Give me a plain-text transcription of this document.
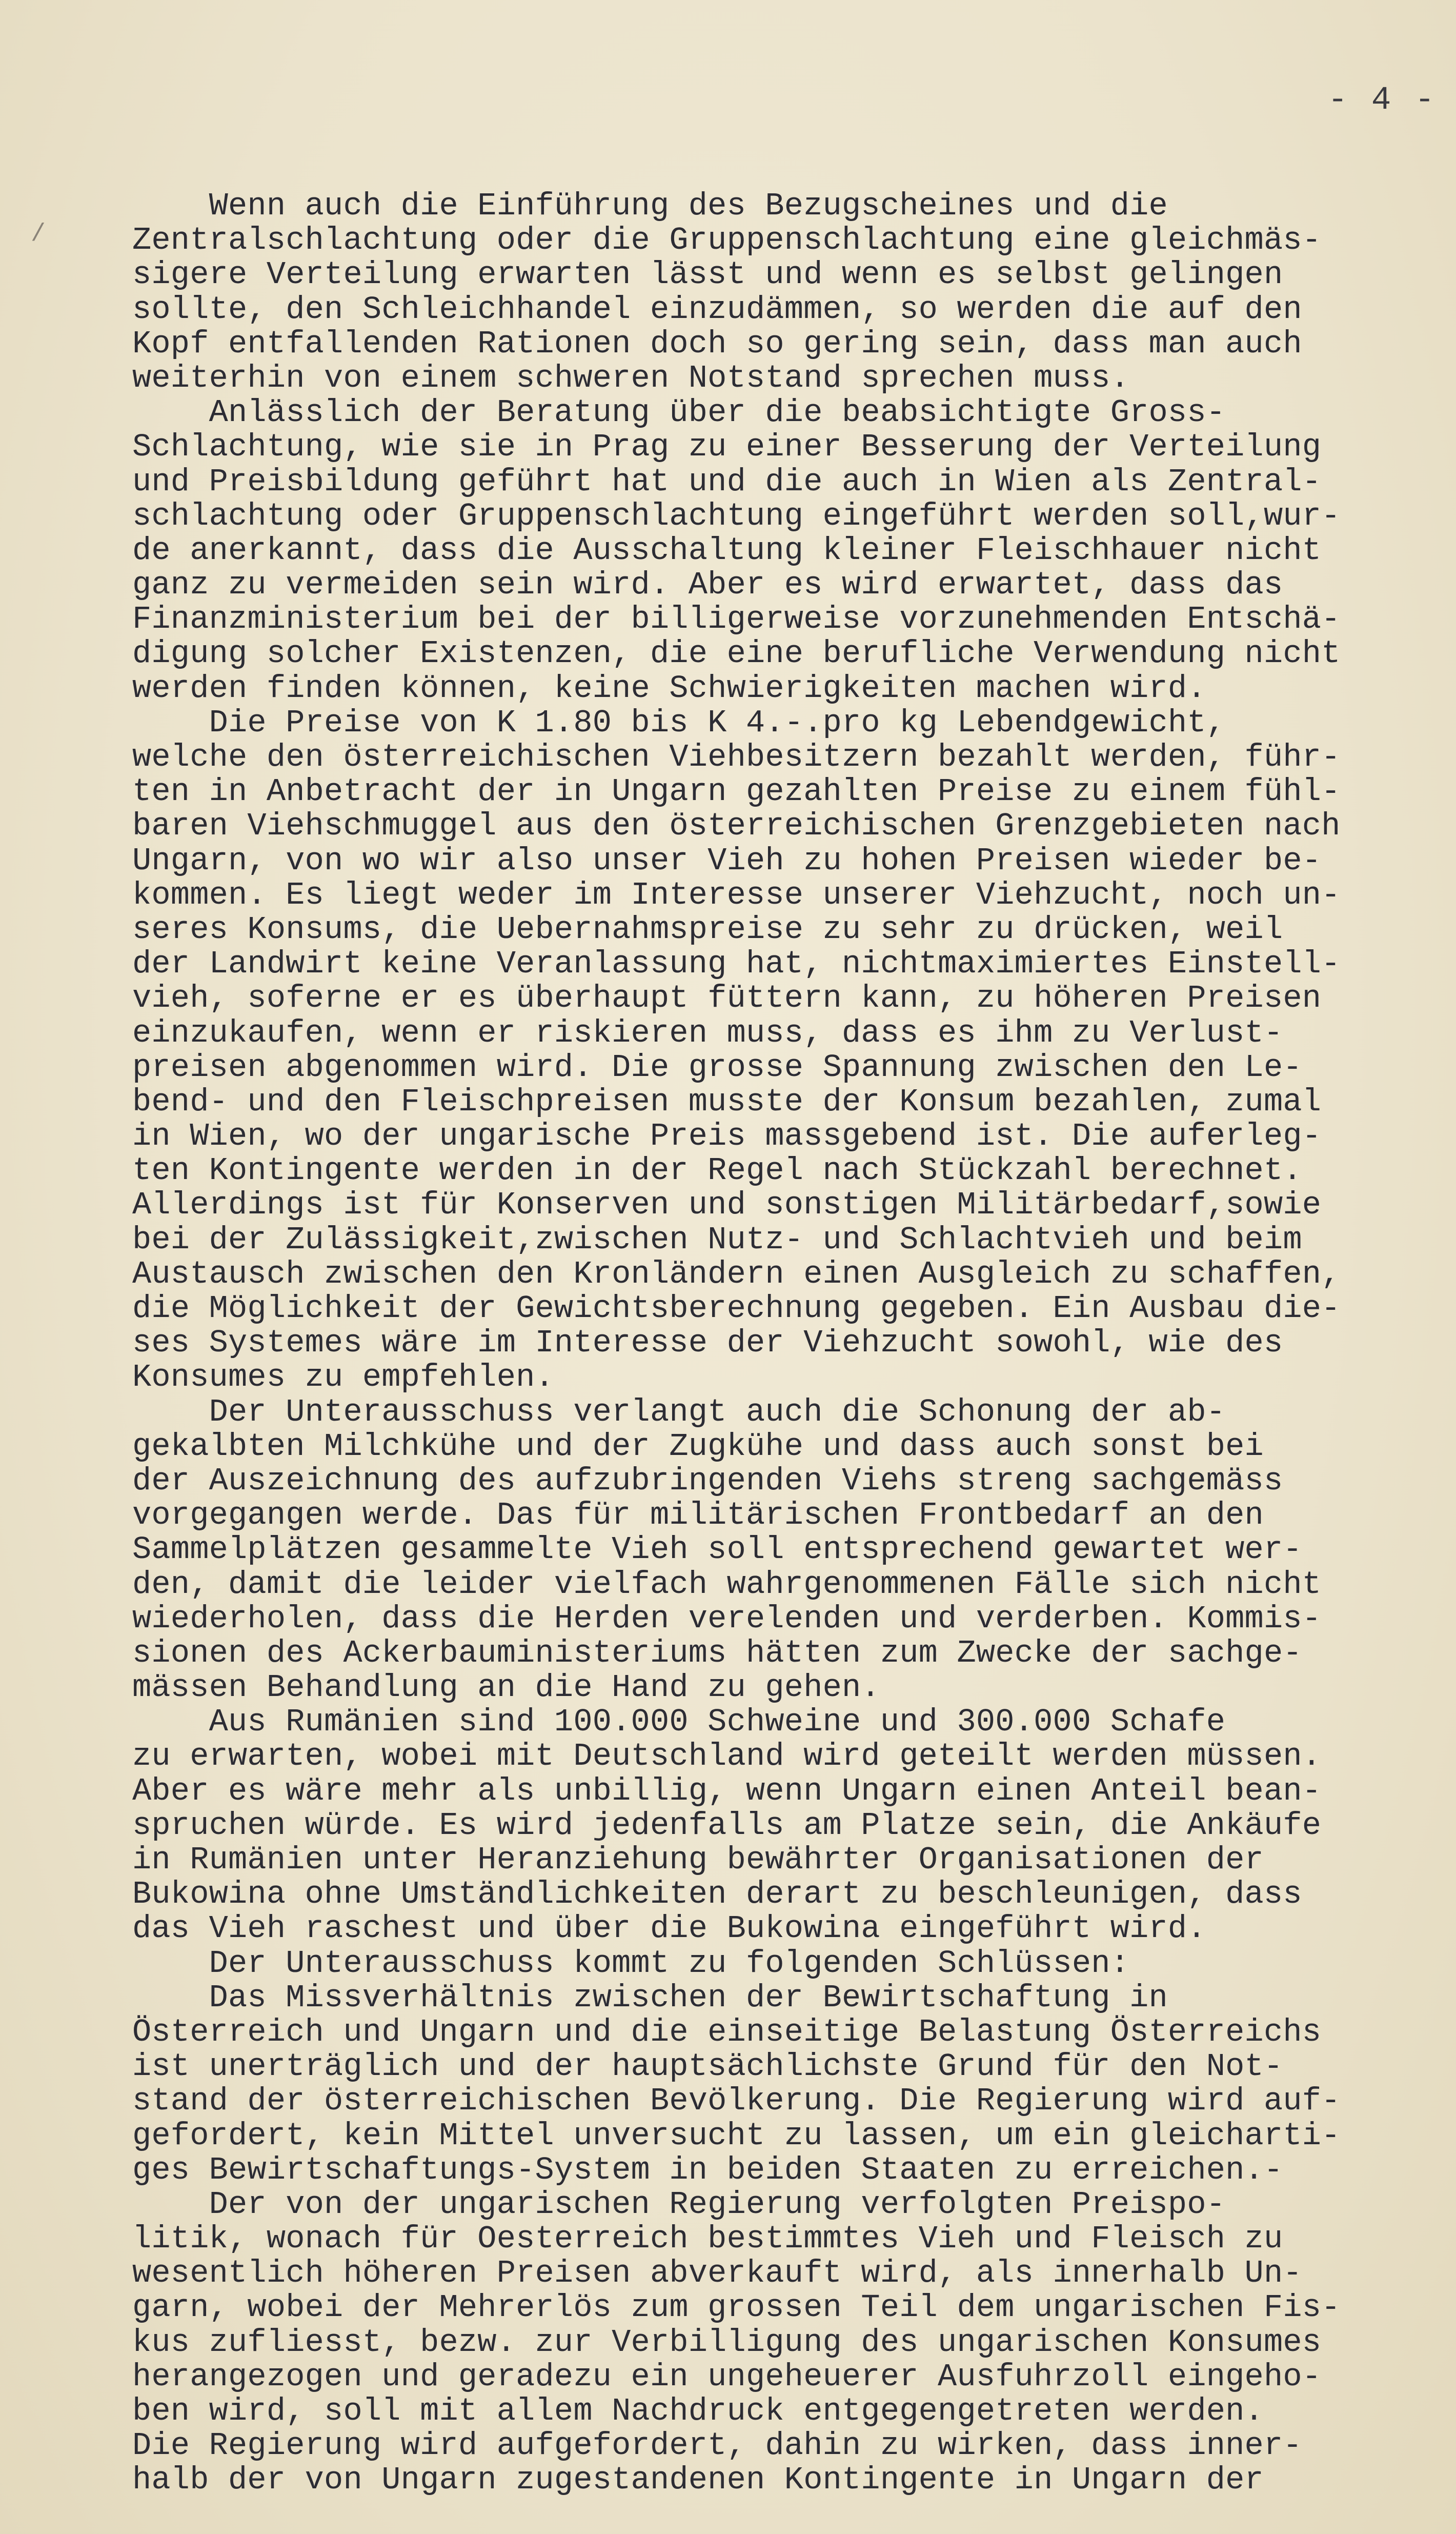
- 4 -
/
Wenn auch die Einführung des Bezugscheines und die
Zentralschlachtung oder die Gruppenschlachtung eine gleichmäs-
sigere Verteilung erwarten lässt und wenn es selbst gelingen
sollte, den Schleichhandel einzudämmen, so werden die auf den
Kopf entfallenden Rationen doch so gering sein, dass man auch
weiterhin von einem schweren Notstand sprechen muss.
Anlässlich der Beratung über die beabsichtigte Gross-
Schlachtung, wie sie in Prag zu einer Besserung der Verteilung
und Preisbildung geführt hat und die auch in Wien als Zentral-
schlachtung oder Gruppenschlachtung eingeführt werden soll,wur-
de anerkannt, dass die Ausschaltung kleiner Fleischhauer nicht
ganz zu vermeiden sein wird. Aber es wird erwartet, dass das
Finanzministerium bei der billigerweise vorzunehmenden Entschä-
digung solcher Existenzen, die eine berufliche Verwendung nicht
werden finden können, keine Schwierigkeiten machen wird.
Die Preise von K 1.80 bis K 4.-.pro kg Lebendgewicht,
welche den österreichischen Viehbesitzern bezahlt werden, führ-
ten in Anbetracht der in Ungarn gezahlten Preise zu einem fühl-
baren Viehschmuggel aus den österreichischen Grenzgebieten nach
Ungarn, von wo wir also unser Vieh zu hohen Preisen wieder be-
kommen. Es liegt weder im Interesse unserer Viehzucht, noch un-
seres Konsums, die Uebernahmspreise zu sehr zu drücken, weil
der Landwirt keine Veranlassung hat, nichtmaximiertes Einstell-
vieh, soferne er es überhaupt füttern kann, zu höheren Preisen
einzukaufen, wenn er riskieren muss, dass es ihm zu Verlust-
preisen abgenommen wird. Die grosse Spannung zwischen den Le-
bend- und den Fleischpreisen musste der Konsum bezahlen, zumal
in Wien, wo der ungarische Preis massgebend ist. Die auferleg-
ten Kontingente werden in der Regel nach Stückzahl berechnet.
Allerdings ist für Konserven und sonstigen Militärbedarf,sowie
bei der Zulässigkeit,zwischen Nutz- und Schlachtvieh und beim
Austausch zwischen den Kronländern einen Ausgleich zu schaffen,
die Möglichkeit der Gewichtsberechnung gegeben. Ein Ausbau die-
ses Systemes wäre im Interesse der Viehzucht sowohl, wie des
Konsumes zu empfehlen.
Der Unterausschuss verlangt auch die Schonung der ab-
gekalbten Milchkühe und der Zugkühe und dass auch sonst bei
der Auszeichnung des aufzubringenden Viehs streng sachgemäss
vorgegangen werde. Das für militärischen Frontbedarf an den
Sammelplätzen gesammelte Vieh soll entsprechend gewartet wer-
den, damit die leider vielfach wahrgenommenen Fälle sich nicht
wiederholen, dass die Herden verelenden und verderben. Kommis-
sionen des Ackerbauministeriums hätten zum Zwecke der sachge-
mässen Behandlung an die Hand zu gehen.
Aus Rumänien sind 100.000 Schweine und 300.000 Schafe
zu erwarten, wobei mit Deutschland wird geteilt werden müssen.
Aber es wäre mehr als unbillig, wenn Ungarn einen Anteil bean-
spruchen würde. Es wird jedenfalls am Platze sein, die Ankäufe
in Rumänien unter Heranziehung bewährter Organisationen der
Bukowina ohne Umständlichkeiten derart zu beschleunigen, dass
das Vieh raschest und über die Bukowina eingeführt wird.
Der Unterausschuss kommt zu folgenden Schlüssen:
Das Missverhältnis zwischen der Bewirtschaftung in
Österreich und Ungarn und die einseitige Belastung Österreichs
ist unerträglich und der hauptsächlichste Grund für den Not-
stand der österreichischen Bevölkerung. Die Regierung wird auf-
gefordert, kein Mittel unversucht zu lassen, um ein gleicharti-
ges Bewirtschaftungs-System in beiden Staaten zu erreichen.-
Der von der ungarischen Regierung verfolgten Preispo-
litik, wonach für Oesterreich bestimmtes Vieh und Fleisch zu
wesentlich höheren Preisen abverkauft wird, als innerhalb Un-
garn, wobei der Mehrerlös zum grossen Teil dem ungarischen Fis-
kus zufliesst, bezw. zur Verbilligung des ungarischen Konsumes
herangezogen und geradezu ein ungeheuerer Ausfuhrzoll eingeho-
ben wird, soll mit allem Nachdruck entgegengetreten werden.
Die Regierung wird aufgefordert, dahin zu wirken, dass inner-
halb der von Ungarn zugestandenen Kontingente in Ungarn der
